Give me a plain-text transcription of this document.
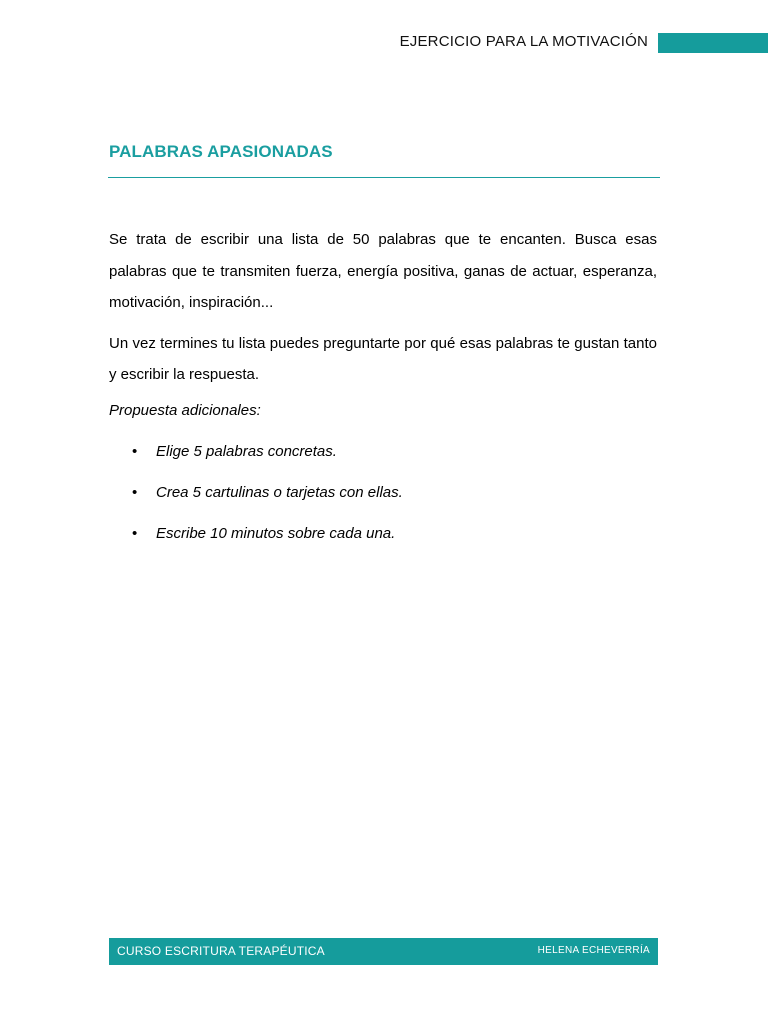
EJERCICIO PARA LA MOTIVACIÓN
PALABRAS APASIONADAS

Se trata de escribir una lista de 50 palabras que te encanten. Busca esas palabras que te transmiten fuerza, energía positiva, ganas de actuar, esperanza, motivación, inspiración...

Un vez termines tu lista puedes preguntarte por qué esas palabras te gustan tanto y escribir la respuesta.

Propuesta adicionales:

• Elige 5 palabras concretas.
• Crea 5 cartulinas o tarjetas con ellas.
• Escribe 10 minutos sobre cada una.
CURSO ESCRITURA TERAPÉUTICA	HELENA ECHEVERRÍA
